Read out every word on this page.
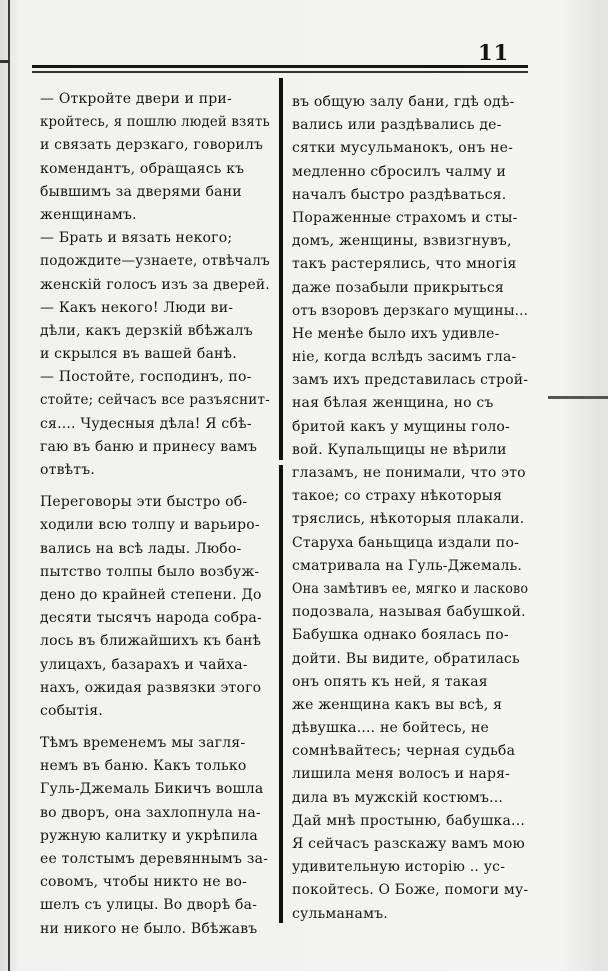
11
— Откройте двери и при-
кройтесь, я пошлю людей взять
и связать дерзкаго, говорилъ
комендантъ, обращаясь къ
бывшимъ за дверями бани
женщинамъ.
— Брать и вязать некого;
подождите—узнаете, отвѣчалъ
женскій голосъ изъ за дверей.
— Какъ некого! Люди ви-
дѣли, какъ дерзкій вбѣжалъ
и скрылся въ вашей банѣ.
— Постойте, господинъ, по-
стойте; сейчасъ все разъяснит-
ся.... Чудесныя дѣла! Я сбѣ-
гаю въ баню и принесу вамъ
отвѣтъ.
Переговоры эти быстро об-
ходили всю толпу и варьиро-
вались на всѣ лады. Любо-
пытство толпы было возбуж-
дено до крайней степени. До
десяти тысячъ народа собра-
лось въ ближайшихъ къ банѣ
улицахъ, базарахъ и чайха-
нахъ, ожидая развязки этого
событія.
Тѣмъ временемъ мы загля-
немъ въ баню. Какъ только
Гуль-Джемаль Бикичъ вошла
во дворъ, она захлопнула на-
ружную калитку и укрѣпила
ее толстымъ деревяннымъ за-
совомъ, чтобы никто не во-
шелъ съ улицы. Во дворѣ ба-
ни никого не было. Вбѣжавъ
въ общую залу бани, гдѣ одѣ-
вались или раздѣвались де-
сятки мусульманокъ, онъ не-
медленно сбросилъ чалму и
началъ быстро раздѣваться.
Пораженные страхомъ и сты-
домъ, женщины, взвизгнувъ,
такъ растерялись, что многія
даже позабыли прикрыться
отъ взоровъ дерзкаго мущины...
Не менѣе было ихъ удивле-
ніе, когда вслѣдъ засимъ гла-
замъ ихъ представилась строй-
ная бѣлая женщина, но съ
бритой какъ у мущины голо-
вой. Купальщицы не вѣрили
глазамъ, не понимали, что это
такое; со страху нѣкоторыя
тряслись, нѣкоторыя плакали.
Старуха баньщица издали по-
сматривала на Гуль-Джемаль.
Она замѣтивъ ее, мягко и ласково
подозвала, называя бабушкой.
Бабушка однако боялась по-
дойти. Вы видите, обратилась
онъ опять къ ней, я такая
же женщина какъ вы всѣ, я
дѣвушка.... не бойтесь, не
сомнѣвайтесь; черная судьба
лишила меня волосъ и наря-
дила въ мужскій костюмъ...
Дай мнѣ простыню, бабушка...
Я сейчасъ разскажу вамъ мою
удивительную исторію .. ус-
покойтесь. О Боже, помоги му-
сульманамъ.
